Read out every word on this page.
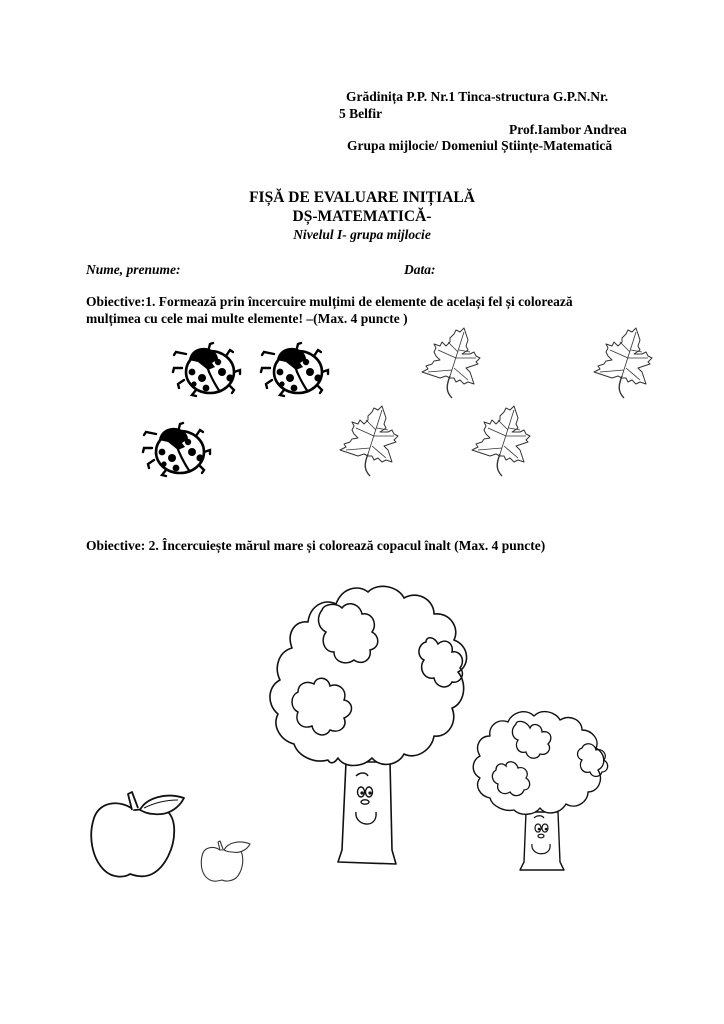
Grădinița P.P. Nr.1 Tinca-structura G.P.N.Nr.
5 Belfir
Prof.Iambor Andrea
Grupa mijlocie/ Domeniul Științe-Matematică
FIȘĂ DE EVALUARE INIȚIALĂ
DȘ-MATEMATICĂ-
Nivelul I- grupa mijlocie
Nume, prenume:	Data:
Obiective:1. Formează prin încercuire mulțimi de elemente de același fel și colorează
mulțimea cu cele mai multe elemente! –(Max. 4 puncte )
Obiective: 2. Încercuiește mărul mare și colorează copacul înalt (Max. 4 puncte)
